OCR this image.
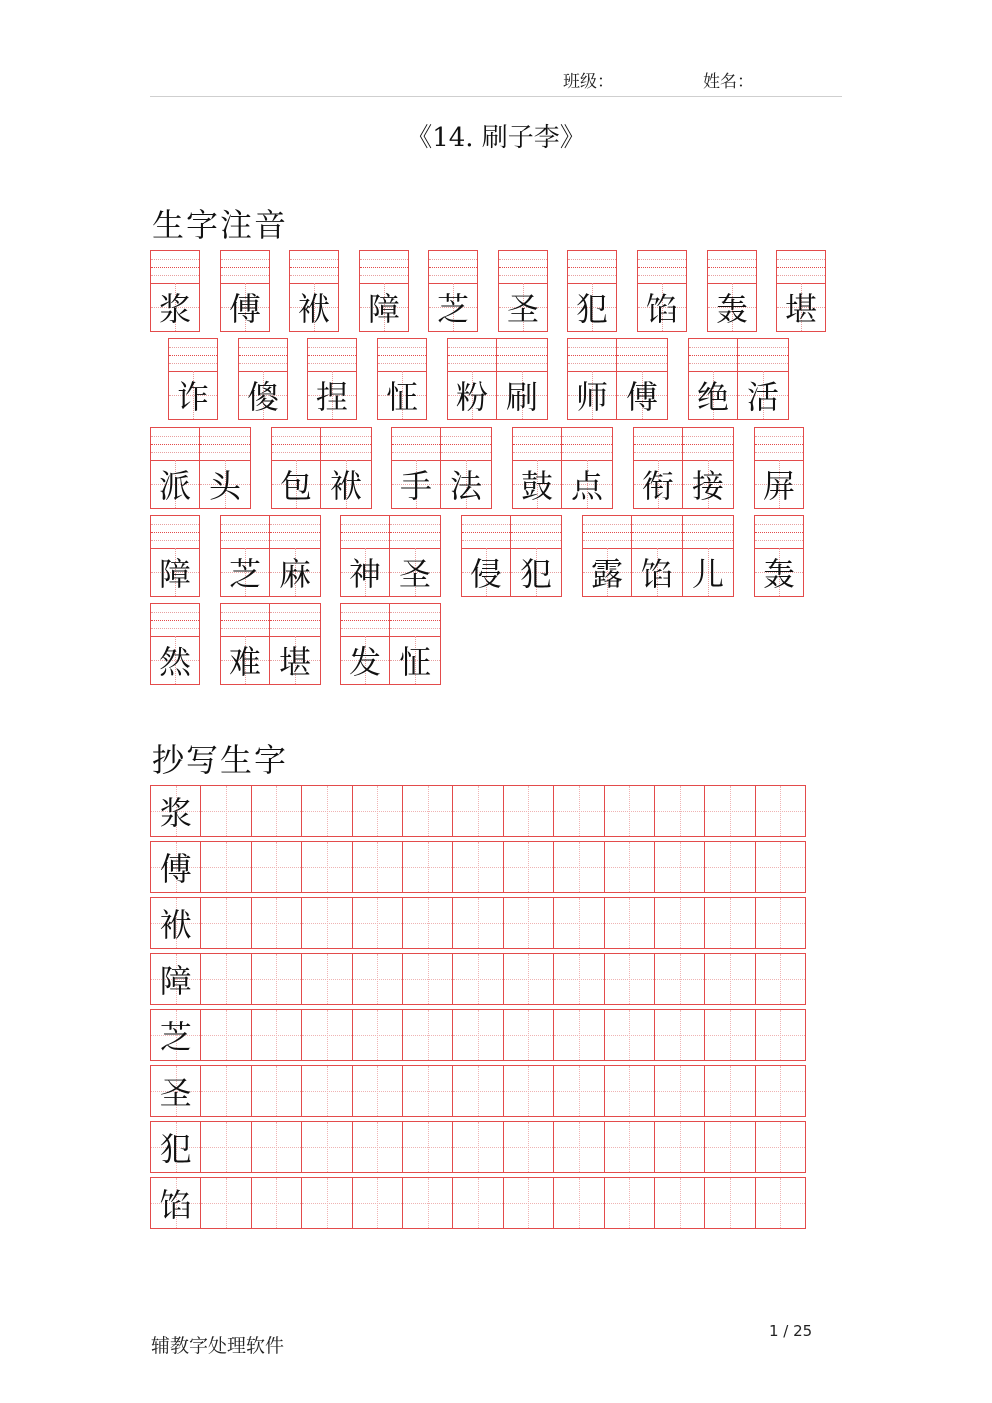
班级：	姓名：
《14. 刷子李》
生字注音
浆 傅 袱 障 芝 圣 犯 馅 轰 堪
诈 傻 捏 怔 粉 刷 师 傅 绝 活
派 头 包 袱 手 法 鼓 点 衔 接 屏
障 芝 麻 神 圣 侵 犯 露 馅 儿 轰
然 难 堪 发 怔
抄写生字
浆
傅
袱
障
芝
圣
犯
馅
辅教字处理软件
1 / 25
